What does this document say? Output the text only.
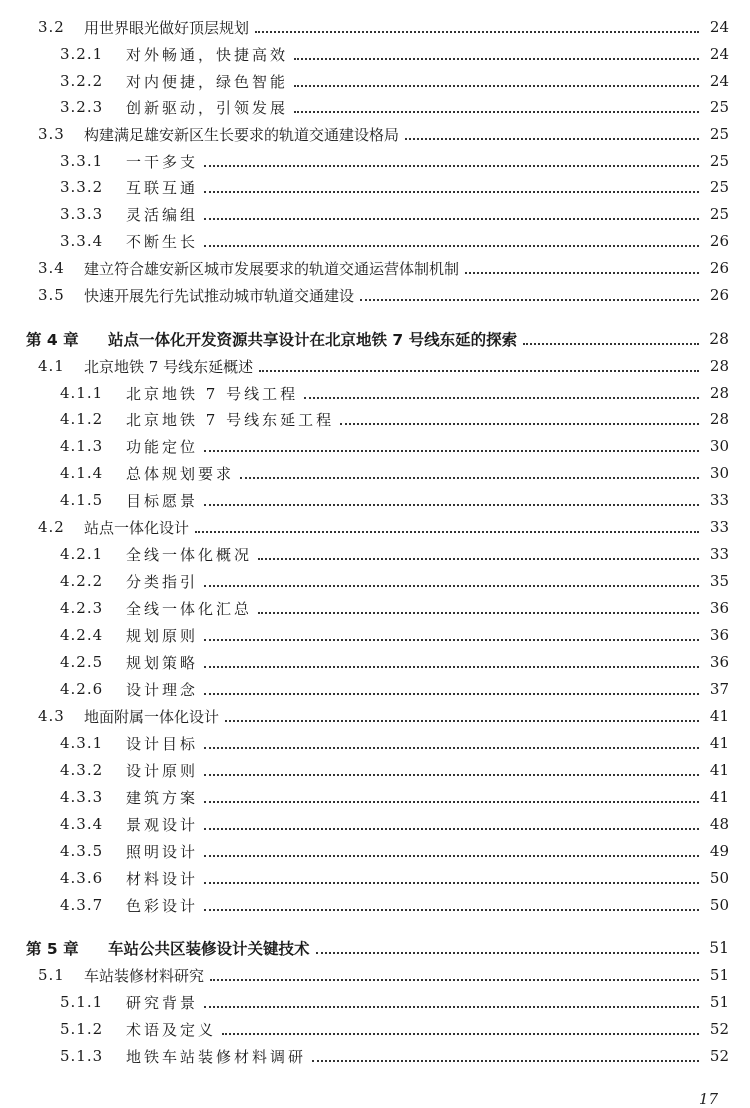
3.2	用世界眼光做好顶层规划	24
3.2.1	对外畅通，快捷高效	24
3.2.2	对内便捷，绿色智能	24
3.2.3	创新驱动，引领发展	25
3.3	构建满足雄安新区生长要求的轨道交通建设格局	25
3.3.1	一干多支	25
3.3.2	互联互通	25
3.3.3	灵活编组	25
3.3.4	不断生长	26
3.4	建立符合雄安新区城市发展要求的轨道交通运营体制机制	26
3.5	快速开展先行先试推动城市轨道交通建设	26
第 4 章	站点一体化开发资源共享设计在北京地铁 7 号线东延的探索	28
4.1	北京地铁 7 号线东延概述	28
4.1.1	北京地铁 7 号线工程	28
4.1.2	北京地铁 7 号线东延工程	28
4.1.3	功能定位	30
4.1.4	总体规划要求	30
4.1.5	目标愿景	33
4.2	站点一体化设计	33
4.2.1	全线一体化概况	33
4.2.2	分类指引	35
4.2.3	全线一体化汇总	36
4.2.4	规划原则	36
4.2.5	规划策略	36
4.2.6	设计理念	37
4.3	地面附属一体化设计	41
4.3.1	设计目标	41
4.3.2	设计原则	41
4.3.3	建筑方案	41
4.3.4	景观设计	48
4.3.5	照明设计	49
4.3.6	材料设计	50
4.3.7	色彩设计	50
第 5 章	车站公共区装修设计关键技术	51
5.1	车站装修材料研究	51
5.1.1	研究背景	51
5.1.2	术语及定义	52
5.1.3	地铁车站装修材料调研	52
17
